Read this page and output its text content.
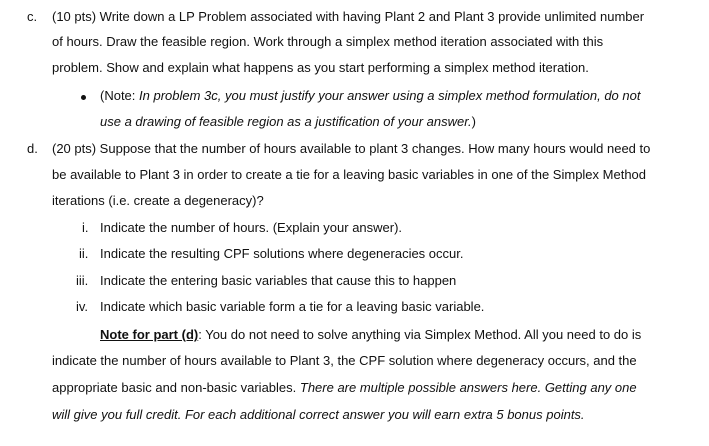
c. (10 pts) Write down a LP Problem associated with having Plant 2 and Plant 3 provide unlimited number
of hours. Draw the feasible region. Work through a simplex method iteration associated with this
problem. Show and explain what happens as you start performing a simplex method iteration.
(Note: In problem 3c, you must justify your answer using a simplex method formulation, do not
use a drawing of feasible region as a justification of your answer.)
d. (20 pts) Suppose that the number of hours available to plant 3 changes. How many hours would need to
be available to Plant 3 in order to create a tie for a leaving basic variables in one of the Simplex Method
iterations (i.e. create a degeneracy)?
i. Indicate the number of hours. (Explain your answer).
ii. Indicate the resulting CPF solutions where degeneracies occur.
iii. Indicate the entering basic variables that cause this to happen
iv. Indicate which basic variable form a tie for a leaving basic variable.
Note for part (d): You do not need to solve anything via Simplex Method. All you need to do is
indicate the number of hours available to Plant 3, the CPF solution where degeneracy occurs, and the
appropriate basic and non-basic variables. There are multiple possible answers here. Getting any one
will give you full credit. For each additional correct answer you will earn extra 5 bonus points.
